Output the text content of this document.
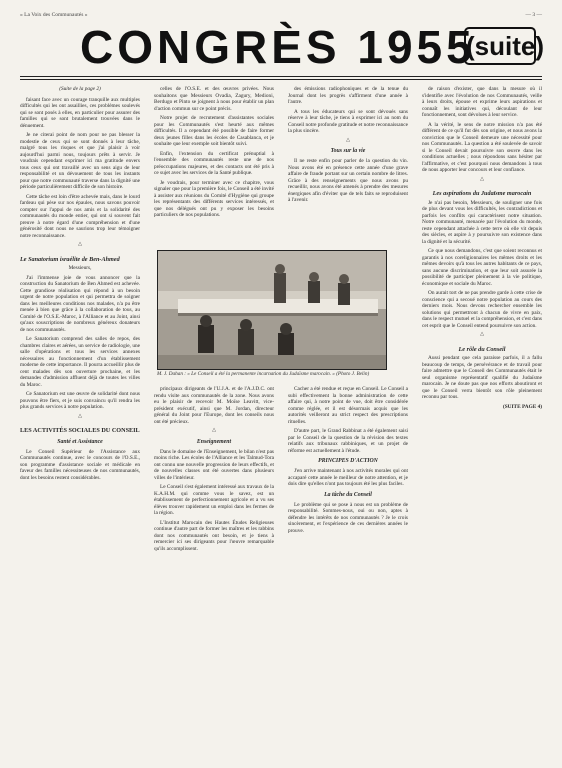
« La Voix des Communautés »	— 3 —
CONGRÈS 1955
(suite)

(Suite de la page 2)

faisant face avec un courage tranquille aux multiples difficultés qui les ont assaillies, ces problèmes soulevés qui se sont posés à elles, en particulier pour assurer des familles qui se sont brutalement trouvées dans le dénuement.

Je ne citerai point de nom pour ne pas blesser la modestie de ceux qui se sont donnés à leur tâche, malgré tous les risques et que j'ai plaisir à voir aujourd'hui parmi nous, toujours prêts à servir. Je voudrais cependant exprimer ici ma gratitude envers tous ceux qui ont travaillé avec un sens aigu de leur responsabilité et un dévouement de tous les instants pour que notre communauté traverse dans la dignité une période particulièrement difficile de son histoire.

Cette tâche est loin d'être achevée mais, dans le lourd fardeau qui pèse sur nos épaules, nous savons pouvoir compter sur l'appui de nos amis et la solidarité des communautés du monde entier, qui ont si souvent fait preuve à notre égard d'une compréhension et d'une générosité dont nous ne saurions trop leur témoigner notre reconnaissance.

△
Le Sanatorium israélite de Ben-Ahmed

Messieurs,

J'ai l'immense joie de vous annoncer que la construction du Sanatorium de Ben Ahmed est achevée. Cette grandiose réalisation qui répond à un besoin urgent de notre population et qui permettra de soigner dans les meilleures conditions nos malades, n'a pu être menée à bien que grâce à la collaboration de tous, au Comité de l'O.S.E.-Maroc, à l'Alliance et au Joint, ainsi qu'aux souscriptions de nombreux généreux donateurs de nos communautés.

Le Sanatorium comprend des salles de repos, des chambres claires et aérées, un service de radiologie, une salle d'opérations et tous les services annexes nécessaires au fonctionnement d'un établissement moderne de cette importance. Il pourra accueillir plus de cent malades dès son ouverture prochaine, et les demandes d'admission affluent déjà de toutes les villes du Maroc.

Ce Sanatorium est une œuvre de solidarité dont nous pouvons être fiers, et je suis convaincu qu'il rendra les plus grands services à notre population.

△
LES ACTIVITÉS SOCIALES DU CONSEIL
Santé et Assistance

Le Conseil Supérieur de l'Assistance aux Communautés continue, avec le concours de l'O.S.E., son programme d'assistance sociale et médicale en faveur des familles nécessiteuses de nos communautés, dont les besoins restent considérables.

celles de l'O.S.E. et des œuvres privées. Nous souhaitons que Messieurs Ovadia, Zagury, Medioni, Berdugo et Pinto se joignent à nous pour établir un plan d'action commun sur ce point précis.

Notre projet de recrutement d'assistantes sociales pour les Communautés s'est heurté aux mêmes difficultés. Il a cependant été possible de faire former deux jeunes filles dans les écoles de Casablanca, et je souhaite que leur exemple soit bientôt suivi.

Enfin, l'extension du certificat prénuptial à l'ensemble des communautés reste une de nos préoccupations majeures, et des contacts ont été pris à ce sujet avec les services de la Santé publique.

Je voudrais, pour terminer avec ce chapitre, vous signaler que pour la première fois, le Conseil a été invité à assister aux réunions du Comité d'Hygiène qui groupe les représentants des différents services intéressés, et que nos délégués ont pu y exposer les besoins particuliers de nos populations.

des émissions radiophoniques et de la tenue du Journal dont les progrès s'affirment d'une année à l'autre.

A tous les éducateurs qui se sont dévoués sans réserve à leur tâche, je tiens à exprimer ici au nom du Conseil notre profonde gratitude et notre reconnaissance la plus sincère.

△
Tous sur la vie

Il ne reste enfin pour parler de la question du vin. Nous avons été en présence cette année d'une grave affaire de fraude portant sur un certain nombre de litres. Grâce à des renseignements que nous avons pu recueillir, nous avons été amenés à prendre des mesures énergiques afin d'éviter que de tels faits se reproduisent à l'avenir.

de raison d'exister, que dans la mesure où il s'identifie avec l'évolution de nos Communautés, veille à leurs droits, épouse et exprime leurs aspirations et connaît les initiatives qui, découlant de leur fonctionnement, sont dévolues à leur service.

A la vérité, le sens de notre mission n'a pas été différent de ce qu'il fut dès son origine, et nous avons la conviction que le Conseil demeure une nécessité pour nos Communautés. La question a été soulevée de savoir si le Conseil devait poursuivre son œuvre dans les conditions actuelles ; nous répondons sans hésiter par l'affirmative, et c'est pourquoi nous demandons à tous de nous apporter leur concours et leur confiance.

△
Les aspirations du Judaïsme marocain

Je n'ai pas besoin, Messieurs, de souligner une fois de plus devant vous les difficultés, les contradictions et parfois les conflits qui caractérisent notre situation. Notre communauté, menacée par l'évolution du monde, reste cependant attachée à cette terre où elle vit depuis des siècles, et aspire à y poursuivre son existence dans la dignité et la sécurité.

Ce que nous demandons, c'est que soient reconnus et garantis à nos coreligionnaires les mêmes droits et les mêmes devoirs qu'à tous les autres habitants de ce pays, sans aucune discrimination, et que leur soit assurée la possibilité de participer pleinement à la vie politique, économique et sociale du Maroc.

On aurait tort de ne pas prendre garde à cette crise de conscience qui a secoué notre population au cours des derniers mois. Nous devons rechercher ensemble les solutions qui permettront à chacun de vivre en paix, dans le respect mutuel et la compréhension, et c'est dans cet esprit que le Conseil entend poursuivre son action.

△
Le rôle du Conseil

Aussi pendant que cela paraisse parfois, il a fallu beaucoup de temps, de persévérance et de travail pour faire admettre que le Conseil des Communautés était le seul organisme représentatif qualifié du Judaïsme marocain. Je ne doute pas que nos efforts aboutiront et que le Conseil verra bientôt son rôle pleinement reconnu par tous.

(SUITE PAGE 4)

M. J. Dahan : « Le Conseil a été la permanente incarnation du Judaïsme marocain. » (Photo J. Belin)

principaux dirigeants de l'U.J.A. et de l'A.J.D.C. ont rendu visite aux communautés de la zone. Nous avons eu le plaisir de recevoir M. Moïse Leavitt, vice-président exécutif, ainsi que M. Jordan, directeur général du Joint pour l'Europe, dont les conseils nous ont été précieux.

△
Enseignement

Dans le domaine de l'Enseignement, le bilan n'est pas moins riche. Les écoles de l'Alliance et les Talmud-Tora ont connu une nouvelle progression de leurs effectifs, et de nouvelles classes ont été ouvertes dans plusieurs villes de l'intérieur.

Le Conseil s'est également intéressé aux travaux de la K.A.H.M. qui comme vous le savez, est un établissement de perfectionnement agricole et a vu ses élèves trouver rapidement un emploi dans les fermes de la région.

L'Institut Marocain des Hautes Études Religieuses continue d'autre part de former les maîtres et les rabbins dont nos communautés ont besoin, et je tiens à remercier ici ses dirigeants pour l'œuvre remarquable qu'ils accomplissent.

Cacher a été rendue et reçue en Conseil. Le Conseil a subi effectivement la bonne administration de cette affaire qui, à notre point de vue, doit être considérée comme réglée, et il est désormais acquis que les autorités veilleront au strict respect des prescriptions rituelles.

D'autre part, le Grand Rabbinat a été également saisi par le Conseil de la question de la révision des textes relatifs aux tribunaux rabbiniques, et un projet de réforme est actuellement à l'étude.

PRINCIPES D'ACTION

J'en arrive maintenant à nos activités morales qui ont accaparé cette année le meilleur de notre attention, et je dois dire qu'elles n'ont pas toujours été les plus faciles.

La tâche du Conseil

Le problème qui se pose à nous est un problème de responsabilité. Sommes-nous, oui ou non, aptes à défendre les intérêts de nos communautés ? Je le crois sincèrement, et l'expérience de ces dernières années le prouve.
